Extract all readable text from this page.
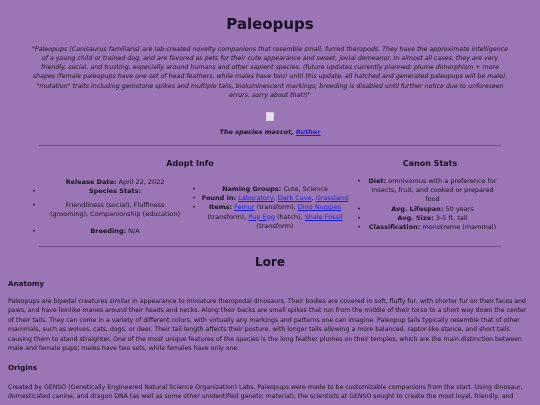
Paleopups
"Paleopups (Canisaurus familiaris) are lab-created novelty companions that resemble small, furred theropods. They have the approximate intelligence of a young child or trained dog, and are favored as pets for their cute appearance and sweet, jovial demeanor. In almost all cases, they are very friendly, social, and trusting, especially around humans and other sapient species. (future updates currently planned: plume dimorphism + more shapes (female paleopups have one set of head feathers, while males have two! until this update, all hatched and generated paleopups will be male), "mutation" traits including gemstone spikes and multiple tails, bioluminescent markings; breeding is disabled until further notice due to unforeseen errors, sorry about that!)"
The species mascot, Ruther
Adopt Info
Release Date: April 22, 2022
• Species Stats:
• Friendliness (social), Fluffiness (grooming), Companionship (education)
• Breeding: N/A
• Naming Groups: Cute, Science
• Found in: Laboratory, Dark Cave, Grassland
• Items: Femur (transform), Dino Nuggies (transform), Pup Egg (hatch), Shale Fossil (transform)
Canon Stats
• Diet: omnivorous with a preference for insects, fruit, and cooked or prepared food
• Avg. Lifespan: 50 years
• Avg. Size: 3-5 ft. tall
• Classification: monotreme (mammal)
Lore
Anatomy
Paleopups are bipedal creatures similar in appearance to miniature theropodal dinosaurs. Their bodies are covered in soft, fluffy fur, with shorter fur on their faces and paws, and have lionlike manes around their heads and necks. Along their backs are small spikes that run from the middle of their torso to a short way down the center of their tails. They can come in a variety of different colors, with virtually any markings and patterns one can imagine. Paleopup tails typically resemble that of other mammals, such as wolves, cats, dogs, or deer. Their tail length affects their posture, with longer tails allowing a more balanced, raptor-like stance, and short tails causing them to stand straighter. One of the most unique features of the species is the long feather plumes on their temples, which are the main distinction between male and female pups; males have two sets, while females have only one.
Origins
Created by GENSO (Genetically Engineered Natural Science Organization) Labs, Paleopups were made to be customizable companions from the start. Using dinosaur, domesticated canine, and dragon DNA (as well as some other unidentified genetic material), the scientists at GENSO sought to create the most loyal, friendly, and
